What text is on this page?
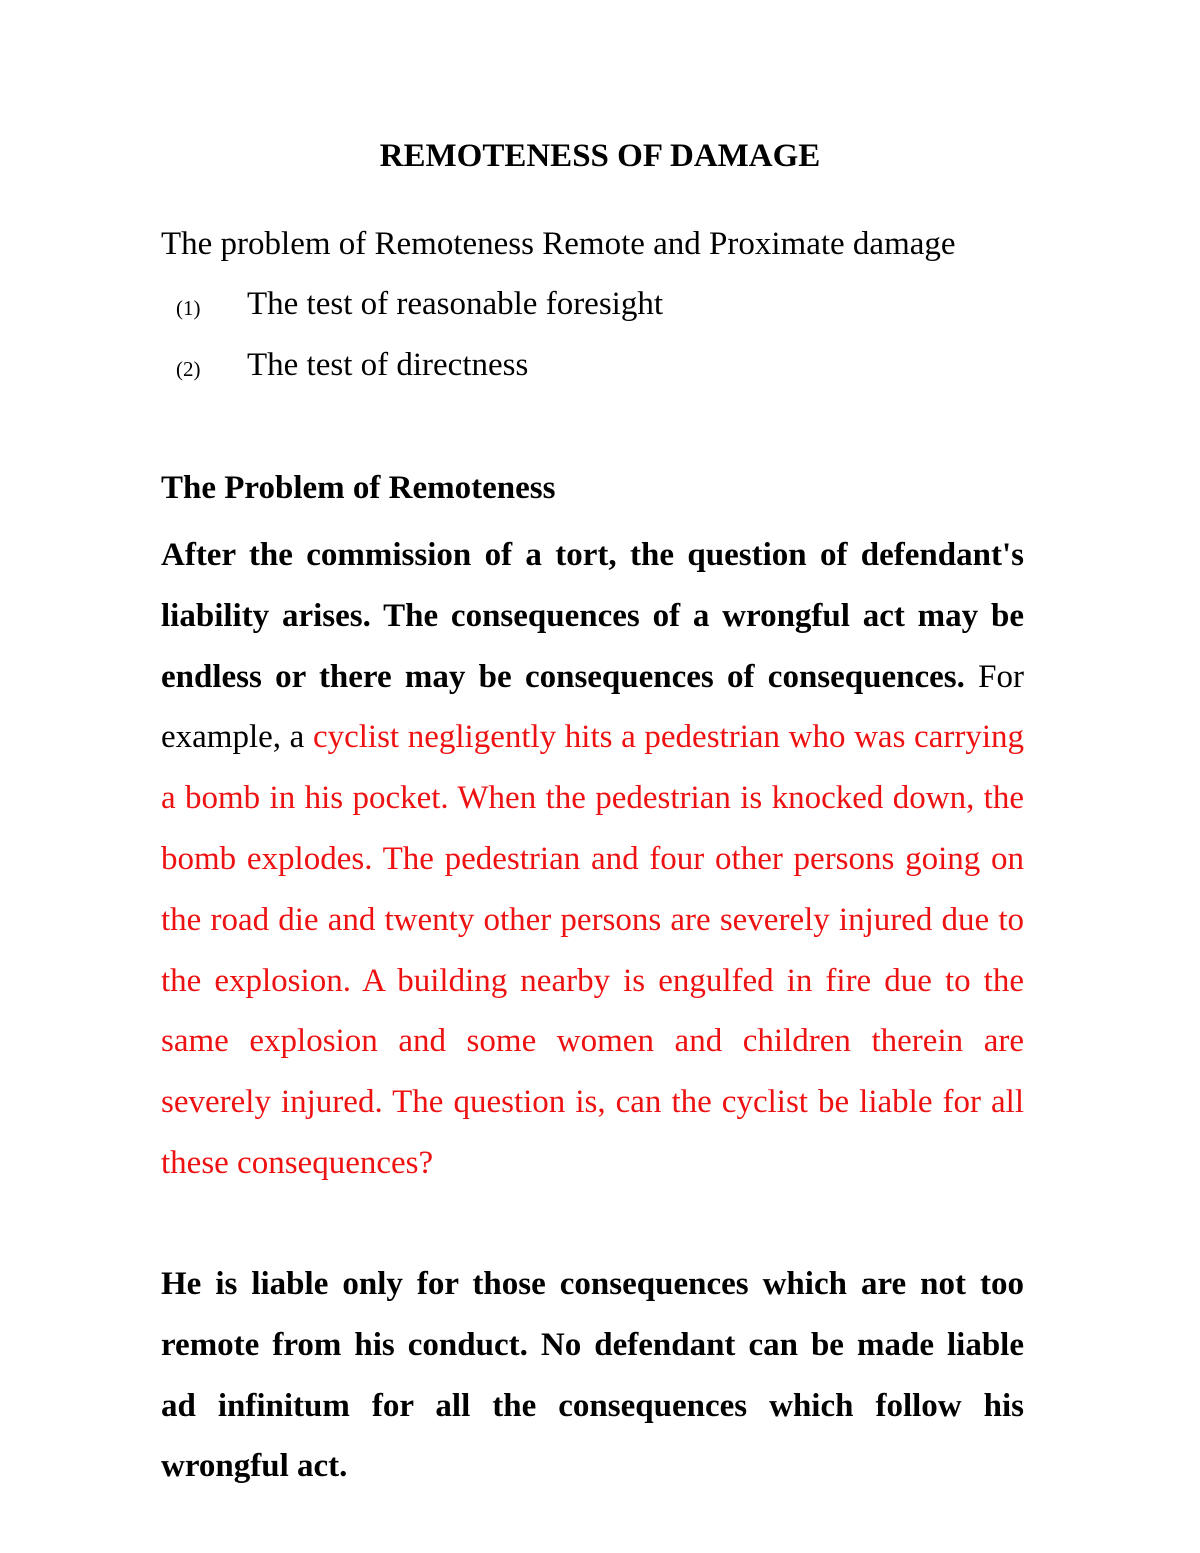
REMOTENESS OF DAMAGE

The problem of Remoteness Remote and Proximate damage

(1) The test of reasonable foresight
(2) The test of directness
The Problem of Remoteness

After the commission of a tort, the question of defendant's liability arises. The consequences of a wrongful act may be endless or there may be consequences of consequences. For example, a cyclist negligently hits a pedestrian who was carrying a bomb in his pocket. When the pedestrian is knocked down, the bomb explodes. The pedestrian and four other persons going on the road die and twenty other persons are severely injured due to the explosion. A building nearby is engulfed in fire due to the same explosion and some women and children therein are severely injured. The question is, can the cyclist be liable for all these consequences?

He is liable only for those consequences which are not too remote from his conduct. No defendant can be made liable ad infinitum for all the consequences which follow his wrongful act.
